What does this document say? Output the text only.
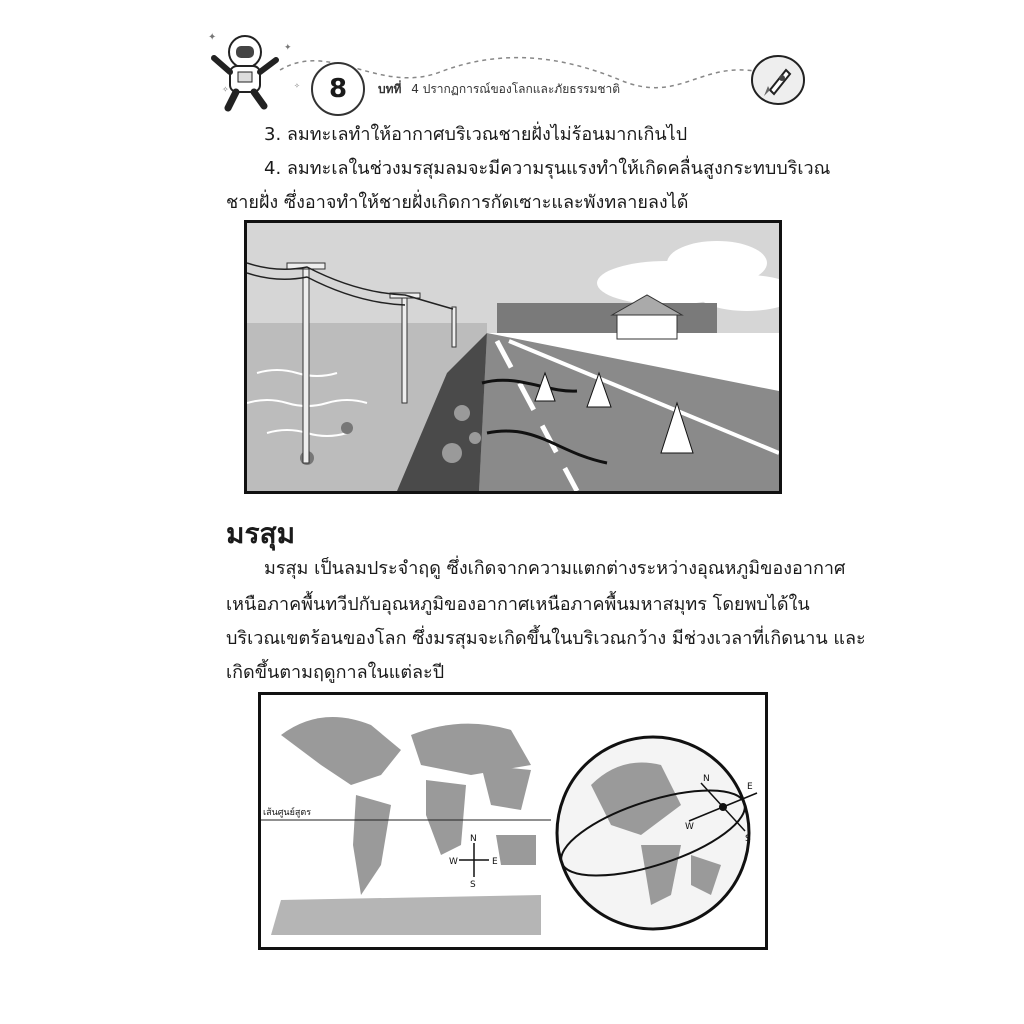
✦
✧
✦
✧	8	บทที่ 4 ปรากฏการณ์ของโลกและภัยธรรมชาติ
3. ลมทะเลทำให้อากาศบริเวณชายฝั่งไม่ร้อนมากเกินไป
4. ลมทะเลในช่วงมรสุมลมจะมีความรุนแรงทำให้เกิดคลื่นสูงกระทบบริเวณ
ชายฝั่ง ซึ่งอาจทำให้ชายฝั่งเกิดการกัดเซาะและพังทลายลงได้
มรสุม
มรสุม เป็นลมประจำฤดู ซึ่งเกิดจากความแตกต่างระหว่างอุณหภูมิของอากาศ
เหนือภาคพื้นทวีปกับอุณหภูมิของอากาศเหนือภาคพื้นมหาสมุทร โดยพบได้ใน
บริเวณเขตร้อนของโลก ซึ่งมรสุมจะเกิดขึ้นในบริเวณกว้าง มีช่วงเวลาที่เกิดนาน และ
เกิดขึ้นตามฤดูกาลในแต่ละปี
เส้นศูนย์สูตร
N
S
W	E
N
E
W
S
